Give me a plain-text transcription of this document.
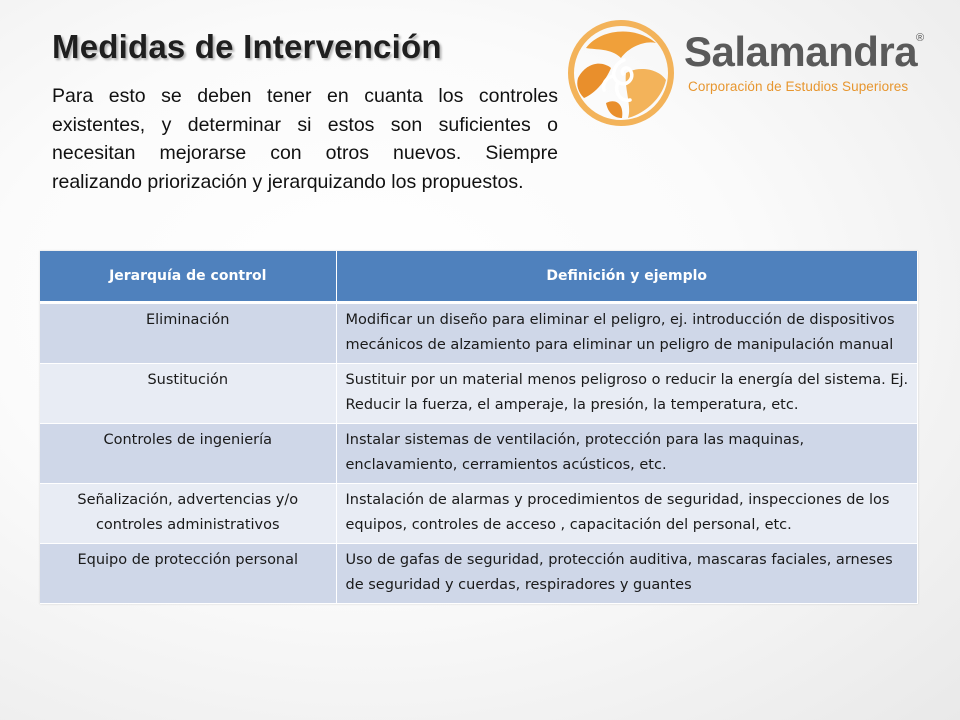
Medidas de Intervención

Para esto se deben tener en cuanta los controles existentes, y determinar si estos son suficientes o necesitan mejorarse con otros nuevos. Siempre realizando priorización y jerarquizando los propuestos.

Salamandra
®
Corporación de Estudios Superiores
Jerarquía de control	Definición y ejemplo
Eliminación	Modificar un diseño para eliminar el peligro, ej. introducción de dispositivos mecánicos de alzamiento para eliminar un peligro de manipulación manual
Sustitución	Sustituir por un material menos peligroso o reducir la energía del sistema. Ej. Reducir la fuerza, el amperaje, la presión, la temperatura, etc.
Controles de ingeniería	Instalar sistemas de ventilación, protección para las maquinas, enclavamiento, cerramientos acústicos, etc.
Señalización, advertencias y/o controles administrativos	Instalación de alarmas y procedimientos de seguridad, inspecciones de los equipos, controles de acceso , capacitación del personal, etc.
Equipo de protección personal	Uso de gafas de seguridad, protección auditiva, mascaras faciales, arneses de seguridad y cuerdas, respiradores y guantes
